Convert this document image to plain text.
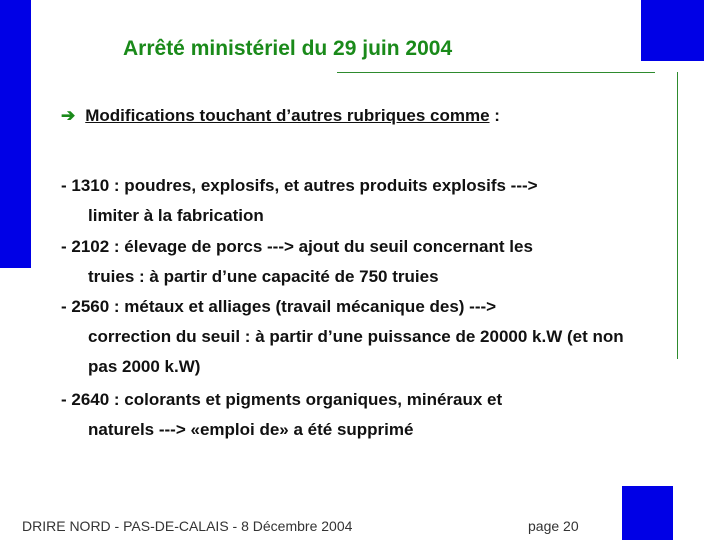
Arrêté ministériel du 29 juin 2004
➔ Modifications touchant d’autres rubriques comme :
- 1310 : poudres, explosifs, et autres produits explosifs --->
limiter à la fabrication
- 2102 : élevage de porcs ---> ajout du seuil concernant les
truies : à partir d’une capacité de 750 truies
- 2560 : métaux et alliages (travail mécanique des) --->
correction du seuil : à partir d’une puissance de 20000 k.W (et non pas 2000 k.W)
- 2640 : colorants et pigments organiques, minéraux et
naturels ---> «emploi de» a été supprimé
DRIRE NORD - PAS-DE-CALAIS - 8 Décembre 2004	page 20
